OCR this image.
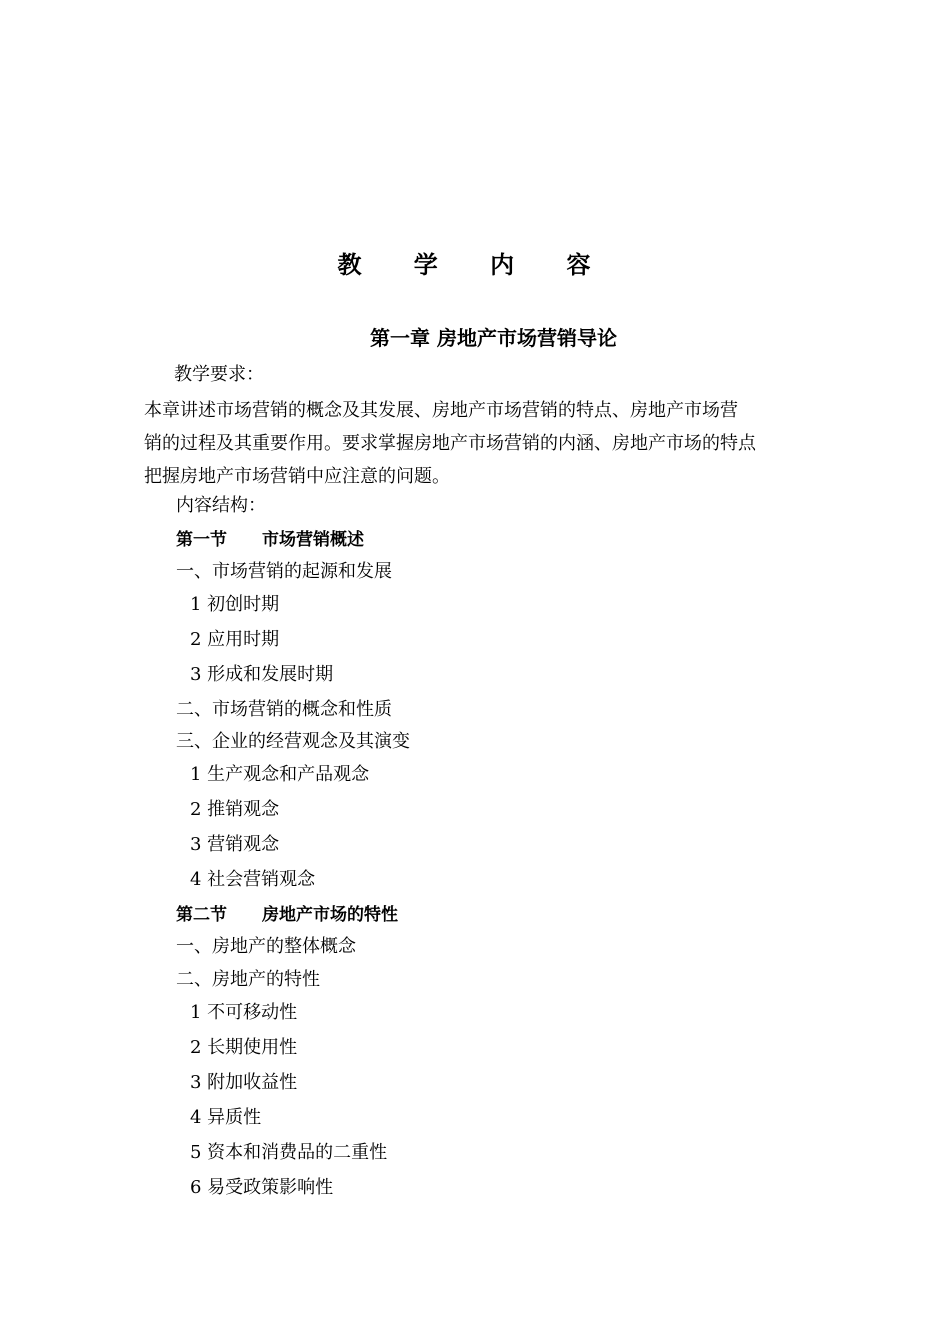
教 学 内 容
第一章 房地产市场营销导论
教学要求：
本章讲述市场营销的概念及其发展、房地产市场营销的特点、房地产市场营
销的过程及其重要作用。要求掌握房地产市场营销的内涵、房地产市场的特点
把握房地产市场营销中应注意的问题。
内容结构：
第一节 市场营销概述
一、市场营销的起源和发展
1 初创时期
2 应用时期
3 形成和发展时期
二、市场营销的概念和性质
三、企业的经营观念及其演变
1 生产观念和产品观念
2 推销观念
3 营销观念
4 社会营销观念
第二节 房地产市场的特性
一、房地产的整体概念
二、房地产的特性
1 不可移动性
2 长期使用性
3 附加收益性
4 异质性
5 资本和消费品的二重性
6 易受政策影响性
